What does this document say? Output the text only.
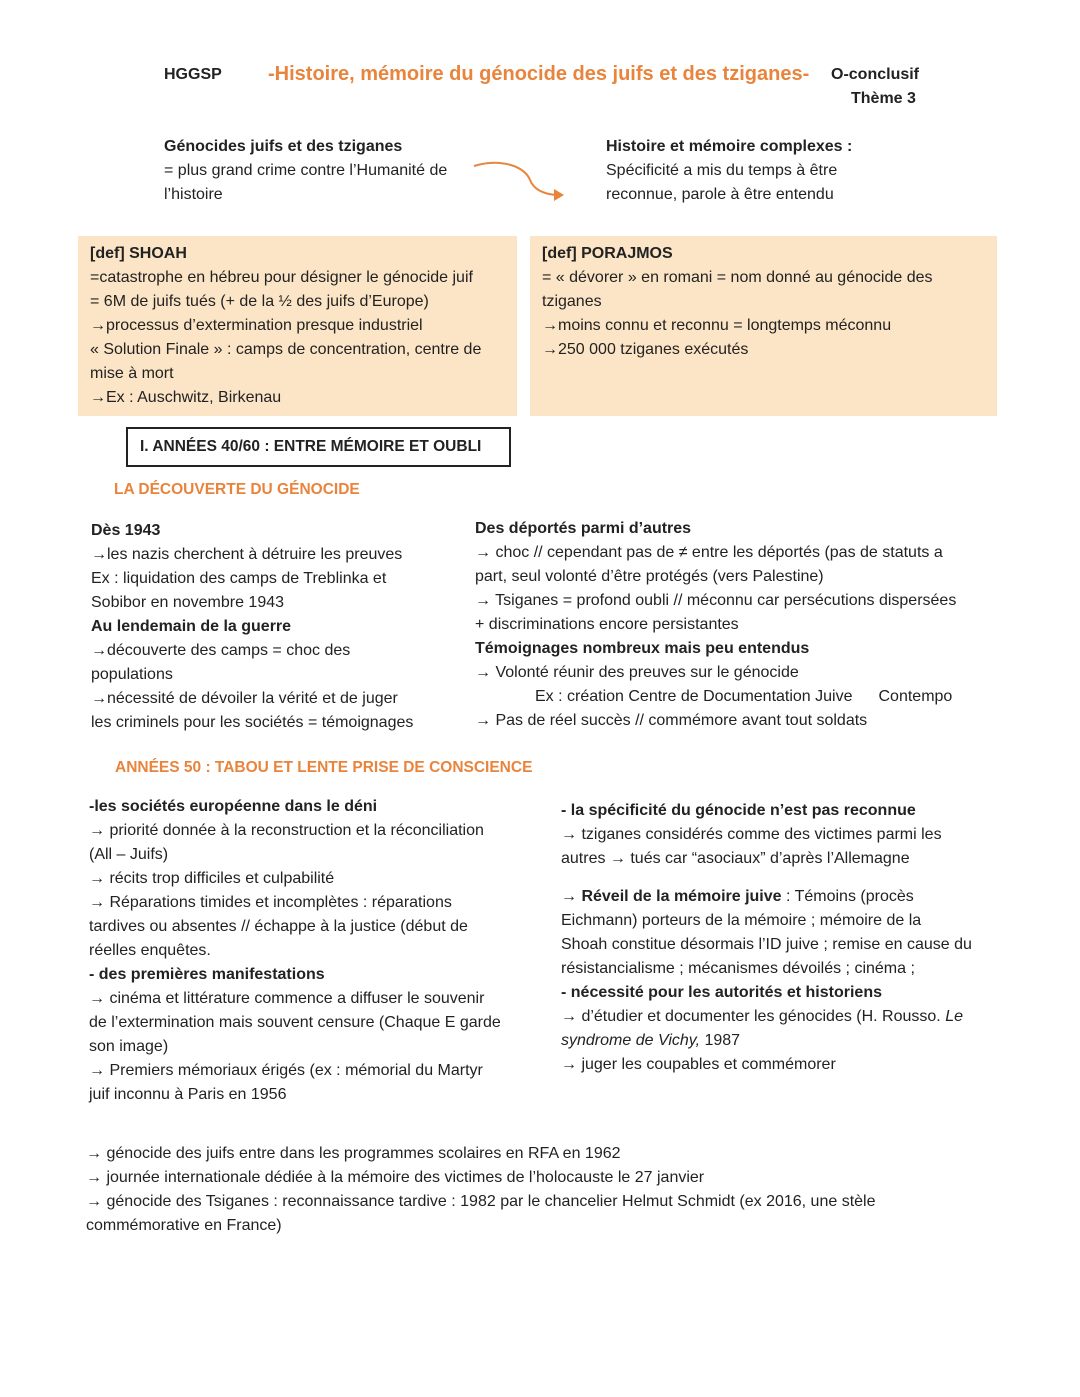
HGGSP -Histoire, mémoire du génocide des juifs et des tziganes- O-conclusif
Thème 3
Génocides juifs et des tziganes
= plus grand crime contre l’Humanité de
l’histoire
Histoire et mémoire complexes :
Spécificité a mis du temps à être
reconnue, parole à être entendu
[def] SHOAH
=catastrophe en hébreu pour désigner le génocide juif
= 6M de juifs tués (+ de la ½ des juifs d’Europe)
→processus d’extermination presque industriel
« Solution Finale » : camps de concentration, centre de
mise à mort
→Ex : Auschwitz, Birkenau
[def] PORAJMOS
= « dévorer » en romani = nom donné au génocide des
tziganes
→moins connu et reconnu = longtemps méconnu
→250 000 tziganes exécutés
I. ANNÉES 40/60 : ENTRE MÉMOIRE ET OUBLI
LA DÉCOUVERTE DU GÉNOCIDE
Dès 1943
→les nazis cherchent à détruire les preuves
Ex : liquidation des camps de Treblinka et
Sobibor en novembre 1943
Au lendemain de la guerre
→découverte des camps = choc des
populations
→nécessité de dévoiler la vérité et de juger
les criminels pour les sociétés = témoignages
Des déportés parmi d’autres
→ choc // cependant pas de ≠ entre les déportés (pas de statuts a
part, seul volonté d’être protégés (vers Palestine)
→ Tsiganes = profond oubli // méconnu car persécutions dispersées
+ discriminations encore persistantes
Témoignages nombreux mais peu entendus
→ Volonté réunir des preuves sur le génocide
Ex : création Centre de Documentation Juive Contempo
→ Pas de réel succès // commémore avant tout soldats
ANNÉES 50 : TABOU ET LENTE PRISE DE CONSCIENCE
-les sociétés européenne dans le déni
→ priorité donnée à la reconstruction et la réconciliation
(All – Juifs)
→ récits trop difficiles et culpabilité
→ Réparations timides et incomplètes : réparations
tardives ou absentes // échappe à la justice (début de
réelles enquêtes.
- des premières manifestations
→ cinéma et littérature commence a diffuser le souvenir
de l’extermination mais souvent censure (Chaque E garde
son image)
→ Premiers mémoriaux érigés (ex : mémorial du Martyr
juif inconnu à Paris en 1956
- la spécificité du génocide n’est pas reconnue
→ tziganes considérés comme des victimes parmi les
autres → tués car “asociaux” d’après l’Allemagne
→ Réveil de la mémoire juive : Témoins (procès
Eichmann) porteurs de la mémoire ; mémoire de la
Shoah constitue désormais l’ID juive ; remise en cause du
résistancialisme ; mécanismes dévoilés ; cinéma ;
- nécessité pour les autorités et historiens
→ d’étudier et documenter les génocides (H. Rousso. Le
syndrome de Vichy, 1987
→ juger les coupables et commémorer
→ génocide des juifs entre dans les programmes scolaires en RFA en 1962
→ journée internationale dédiée à la mémoire des victimes de l’holocauste le 27 janvier
→ génocide des Tsiganes : reconnaissance tardive : 1982 par le chancelier Helmut Schmidt (ex 2016, une stèle
commémorative en France)
